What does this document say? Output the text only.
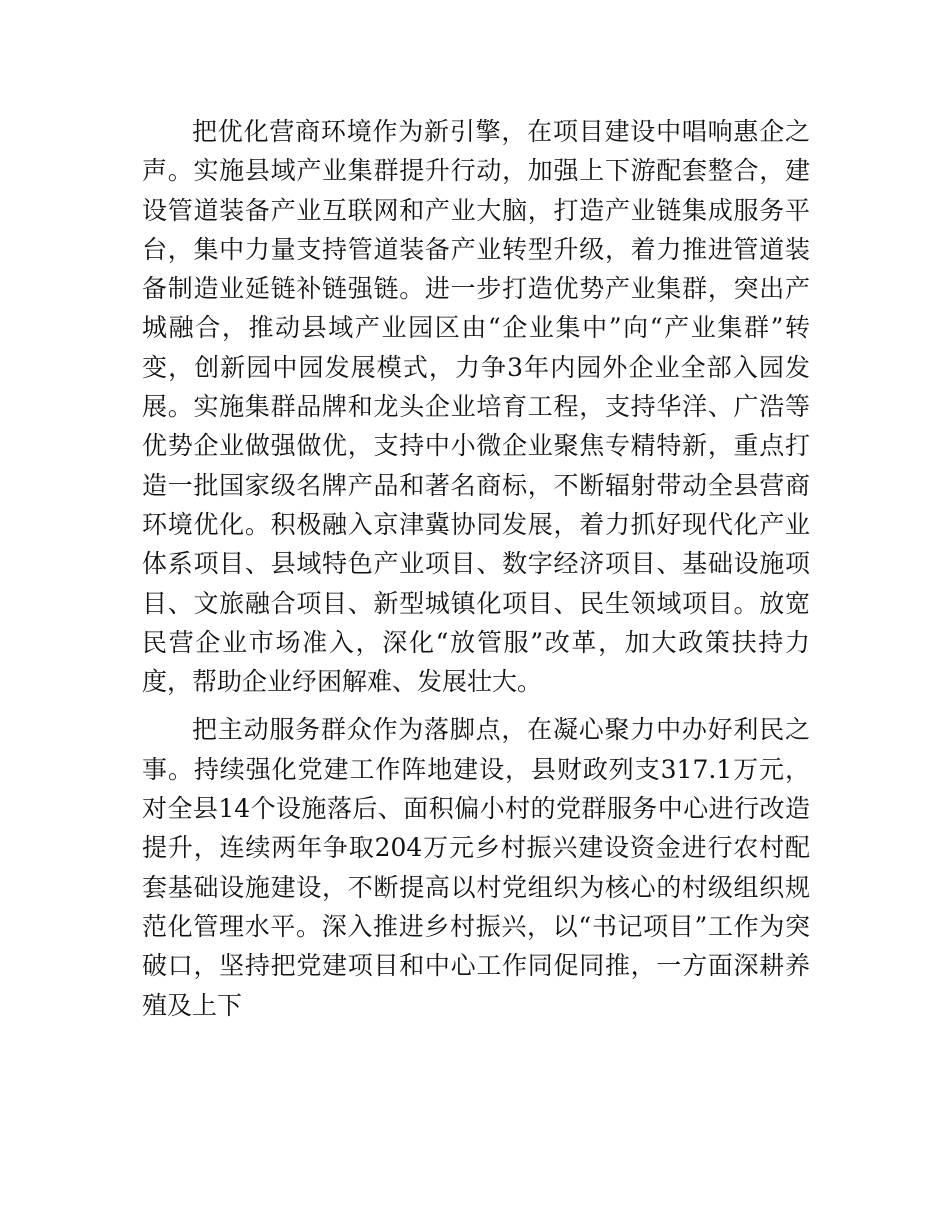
把优化营商环境作为新引擎，在项目建设中唱响惠企之声。实施县域产业集群提升行动，加强上下游配套整合，建设管道装备产业互联网和产业大脑，打造产业链集成服务平台，集中力量支持管道装备产业转型升级，着力推进管道装备制造业延链补链强链。进一步打造优势产业集群，突出产城融合，推动县域产业园区由“企业集中”向“产业集群”转变，创新园中园发展模式，力争3年内园外企业全部入园发展。实施集群品牌和龙头企业培育工程，支持华洋、广浩等优势企业做强做优，支持中小微企业聚焦专精特新，重点打造一批国家级名牌产品和著名商标，不断辐射带动全县营商环境优化。积极融入京津冀协同发展，着力抓好现代化产业体系项目、县域特色产业项目、数字经济项目、基础设施项目、文旅融合项目、新型城镇化项目、民生领域项目。放宽民营企业市场准入，深化“放管服”改革，加大政策扶持力度，帮助企业纾困解难、发展壮大。

把主动服务群众作为落脚点，在凝心聚力中办好利民之事。持续强化党建工作阵地建设，县财政列支317.1万元，对全县14个设施落后、面积偏小村的党群服务中心进行改造提升，连续两年争取204万元乡村振兴建设资金进行农村配套基础设施建设，不断提高以村党组织为核心的村级组织规范化管理水平。深入推进乡村振兴，以“书记项目”工作为突破口，坚持把党建项目和中心工作同促同推，一方面深耕养殖及上下
